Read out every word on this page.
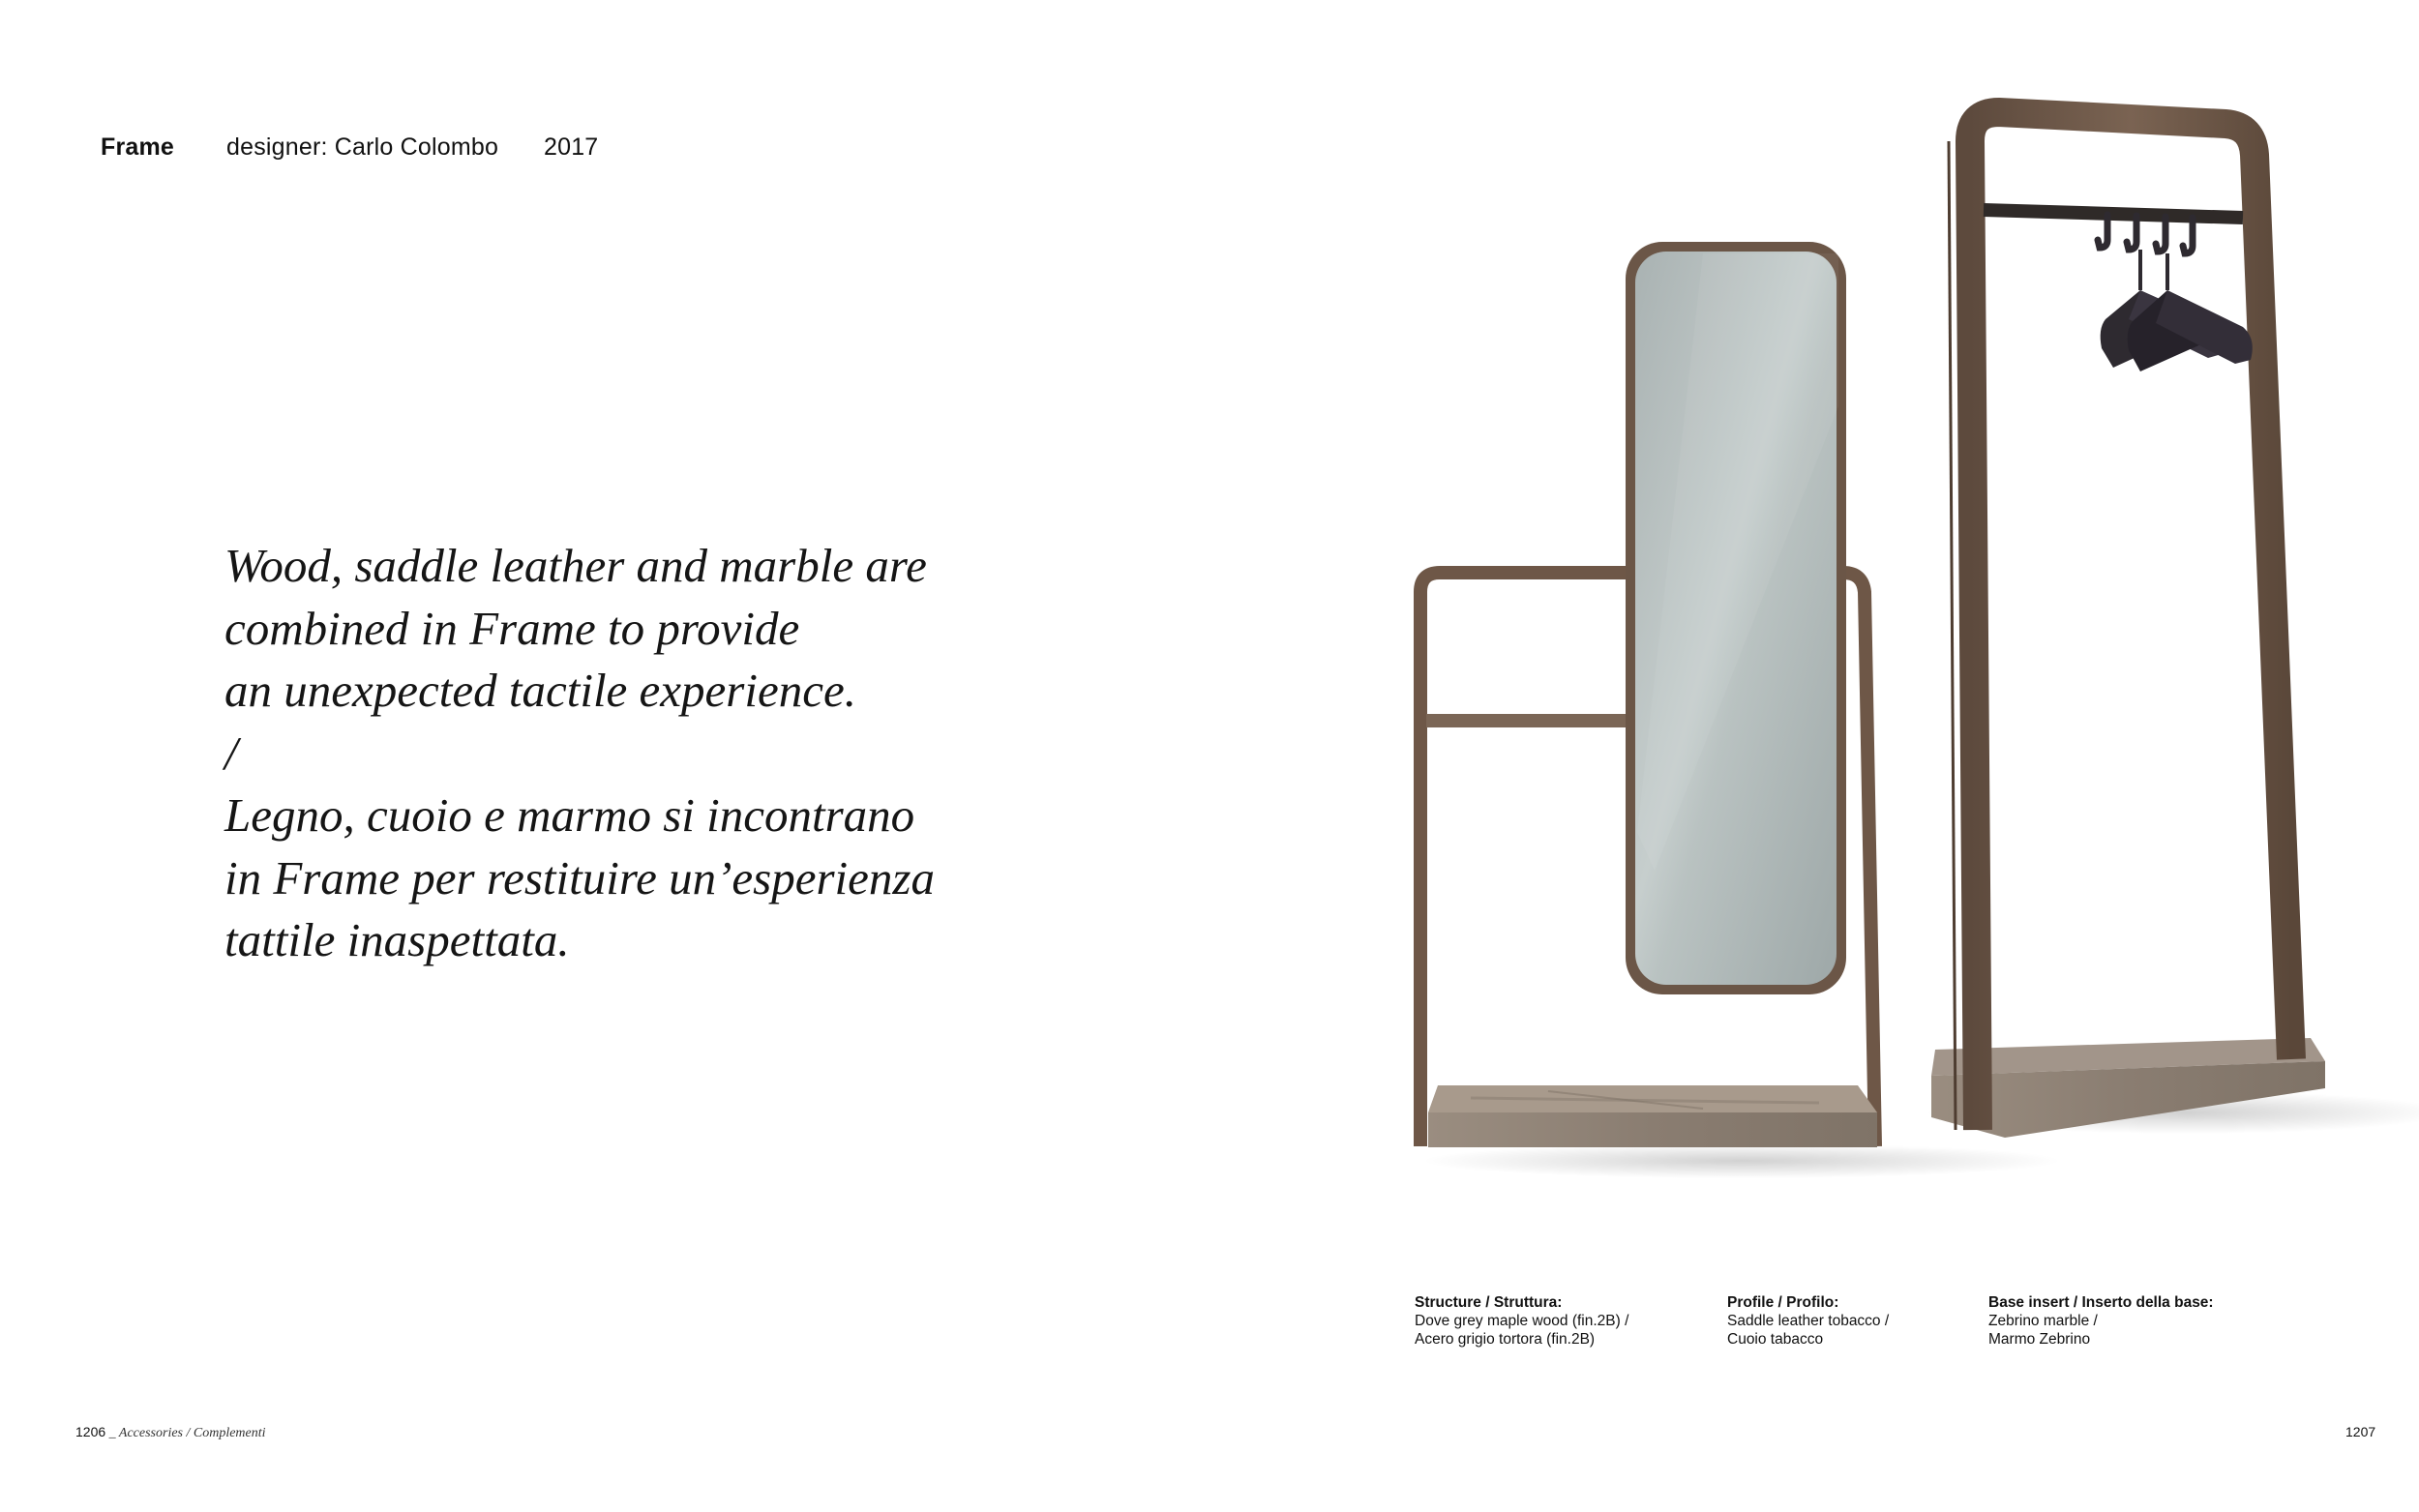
Frame designer: Carlo Colombo 2017
Wood, saddle leather and marble are
combined in Frame to provide
an unexpected tactile experience.
/
Legno, cuoio e marmo si incontrano
in Frame per restituire un’esperienza
tattile inaspettata.
Structure / Struttura:
Dove grey maple wood (fin.2B) /
Acero grigio tortora (fin.2B)
Profile / Profilo:
Saddle leather tobacco /
Cuoio tabacco
Base insert / Inserto della base:
Zebrino marble /
Marmo Zebrino
1206 _ Accessories / Complementi	1207
